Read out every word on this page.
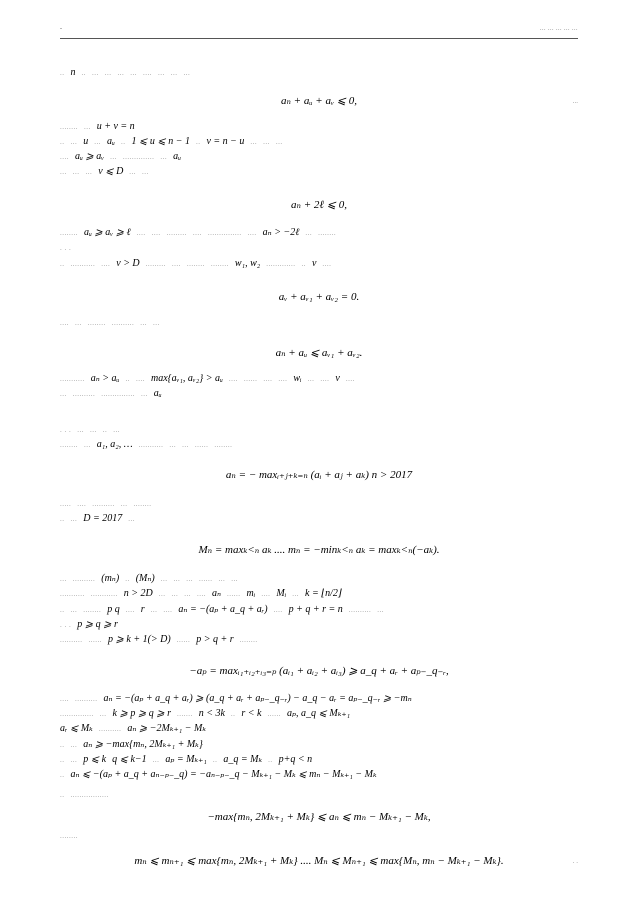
-	... ... ... ... ...
.. n .. ... ... ... ... .... ... ... ...
aₙ + aᵤ + aᵥ ⩽ 0,	...
........ ... u + v = n
.. ... u ... aᵤ .. 1 ⩽ u ⩽ n − 1 .. v = n − u ... ... ...
.... aᵤ ⩾ aᵥ ... .............. ... aᵤ
... ... ... v ⩽ D ... ...
aₙ + 2ℓ ⩽ 0,
........ aᵤ ⩾ aᵥ ⩾ ℓ .... .... ......... .... ............... .... aₙ > −2ℓ ... ........
. . .
.. ........... .... v > D ......... .... ........ ........ w₁, w₂ ............. .. v ....
aᵥ + aᵥ₁ + aᵥ₂ = 0.
.... ... ........ .......... ... ...
aₙ + aᵤ ⩽ aᵥ₁ + aᵥ₂.
........... aₙ > aᵤ .. .... max{aᵥ₁, aᵥ₂} > aᵤ .... ...... .... .... wᵢ ... .... v ....
... .......... ............... ... aᵤ
. . . ... ... .. ...
........ ... a₁, a₂, … ........... ... ... ...... ........
aₙ = − maxᵢ₊ⱼ₊ₖ₌ₙ (aᵢ + aⱼ + aₖ) n > 2017
..... .... .......... ... ........
.. ... D = 2017 ...
Mₙ = maxₖ<ₙ aₖ .... mₙ = −minₖ<ₙ aₖ = maxₖ<ₙ(−aₖ).
... .......... (mₙ) .. (Mₙ) ... ... ... ...... ... ...
........... ............ n > 2D ... ... ... .... aₙ ...... mᵢ .... Mᵢ ... k = ⌊n/2⌋
.. ... ........ p q .... r ... .... aₙ = −(aₚ + a_q + aᵣ) .... p + q + r = n .......... ...
. . . p ⩾ q ⩾ r
.......... ...... p ⩾ k + 1(> D) ...... p > q + r ........
−aₚ = maxᵢ₁₊ᵢ₂₊ᵢ₃₌ₚ (aᵢ₁ + aᵢ₂ + aᵢ₃) ⩾ a_q + aᵣ + aₚ₋_q₋ᵣ,
.... .......... aₙ = −(aₚ + a_q + aᵣ) ⩾ (a_q + aᵣ + aₚ₋_q₋ᵣ) − a_q − aᵣ = aₚ₋_q₋ᵣ ⩾ −mₙ
............... ... k ⩾ p ⩾ q ⩾ r ....... n < 3k .. r < k ...... aₚ, a_q ⩽ Mₖ₊₁
aᵣ ⩽ Mₖ .......... aₙ ⩾ −2Mₖ₊₁ − Mₖ
.. ... aₙ ⩾ −max{mₙ, 2Mₖ₊₁ + Mₖ}
.. ... p ⩽ k q ⩽ k−1 ... aₚ = Mₖ₊₁ .. a_q = Mₖ .. p+q < n
.. aₙ ⩽ −(aₚ + a_q + aₙ₋ₚ₋_q) = −aₙ₋ₚ₋_q − Mₖ₊₁ − Mₖ ⩽ mₙ − Mₖ₊₁ − Mₖ
.. .................
−max{mₙ, 2Mₖ₊₁ + Mₖ} ⩽ aₙ ⩽ mₙ − Mₖ₊₁ − Mₖ,
........
mₙ ⩽ mₙ₊₁ ⩽ max{mₙ, 2Mₖ₊₁ + Mₖ} .... Mₙ ⩽ Mₙ₊₁ ⩽ max{Mₙ, mₙ − Mₖ₊₁ − Mₖ}.	. .
